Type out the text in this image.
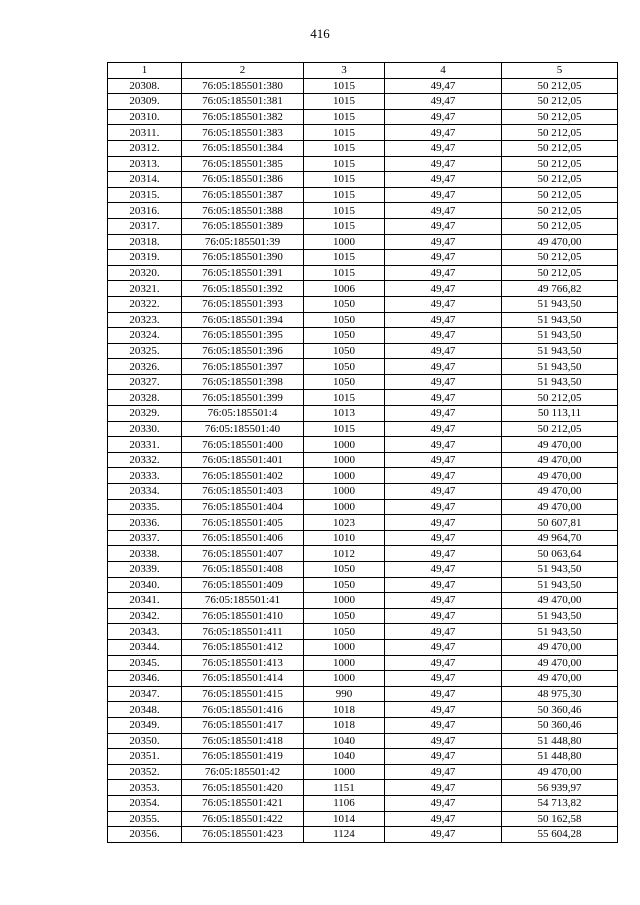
416
1	2	3	4	5
20308.	76:05:185501:380	1015	49,47	50 212,05
20309.	76:05:185501:381	1015	49,47	50 212,05
20310.	76:05:185501:382	1015	49,47	50 212,05
20311.	76:05:185501:383	1015	49,47	50 212,05
20312.	76:05:185501:384	1015	49,47	50 212,05
20313.	76:05:185501:385	1015	49,47	50 212,05
20314.	76:05:185501:386	1015	49,47	50 212,05
20315.	76:05:185501:387	1015	49,47	50 212,05
20316.	76:05:185501:388	1015	49,47	50 212,05
20317.	76:05:185501:389	1015	49,47	50 212,05
20318.	76:05:185501:39	1000	49,47	49 470,00
20319.	76:05:185501:390	1015	49,47	50 212,05
20320.	76:05:185501:391	1015	49,47	50 212,05
20321.	76:05:185501:392	1006	49,47	49 766,82
20322.	76:05:185501:393	1050	49,47	51 943,50
20323.	76:05:185501:394	1050	49,47	51 943,50
20324.	76:05:185501:395	1050	49,47	51 943,50
20325.	76:05:185501:396	1050	49,47	51 943,50
20326.	76:05:185501:397	1050	49,47	51 943,50
20327.	76:05:185501:398	1050	49,47	51 943,50
20328.	76:05:185501:399	1015	49,47	50 212,05
20329.	76:05:185501:4	1013	49,47	50 113,11
20330.	76:05:185501:40	1015	49,47	50 212,05
20331.	76:05:185501:400	1000	49,47	49 470,00
20332.	76:05:185501:401	1000	49,47	49 470,00
20333.	76:05:185501:402	1000	49,47	49 470,00
20334.	76:05:185501:403	1000	49,47	49 470,00
20335.	76:05:185501:404	1000	49,47	49 470,00
20336.	76:05:185501:405	1023	49,47	50 607,81
20337.	76:05:185501:406	1010	49,47	49 964,70
20338.	76:05:185501:407	1012	49,47	50 063,64
20339.	76:05:185501:408	1050	49,47	51 943,50
20340.	76:05:185501:409	1050	49,47	51 943,50
20341.	76:05:185501:41	1000	49,47	49 470,00
20342.	76:05:185501:410	1050	49,47	51 943,50
20343.	76:05:185501:411	1050	49,47	51 943,50
20344.	76:05:185501:412	1000	49,47	49 470,00
20345.	76:05:185501:413	1000	49,47	49 470,00
20346.	76:05:185501:414	1000	49,47	49 470,00
20347.	76:05:185501:415	990	49,47	48 975,30
20348.	76:05:185501:416	1018	49,47	50 360,46
20349.	76:05:185501:417	1018	49,47	50 360,46
20350.	76:05:185501:418	1040	49,47	51 448,80
20351.	76:05:185501:419	1040	49,47	51 448,80
20352.	76:05:185501:42	1000	49,47	49 470,00
20353.	76:05:185501:420	1151	49,47	56 939,97
20354.	76:05:185501:421	1106	49,47	54 713,82
20355.	76:05:185501:422	1014	49,47	50 162,58
20356.	76:05:185501:423	1124	49,47	55 604,28
